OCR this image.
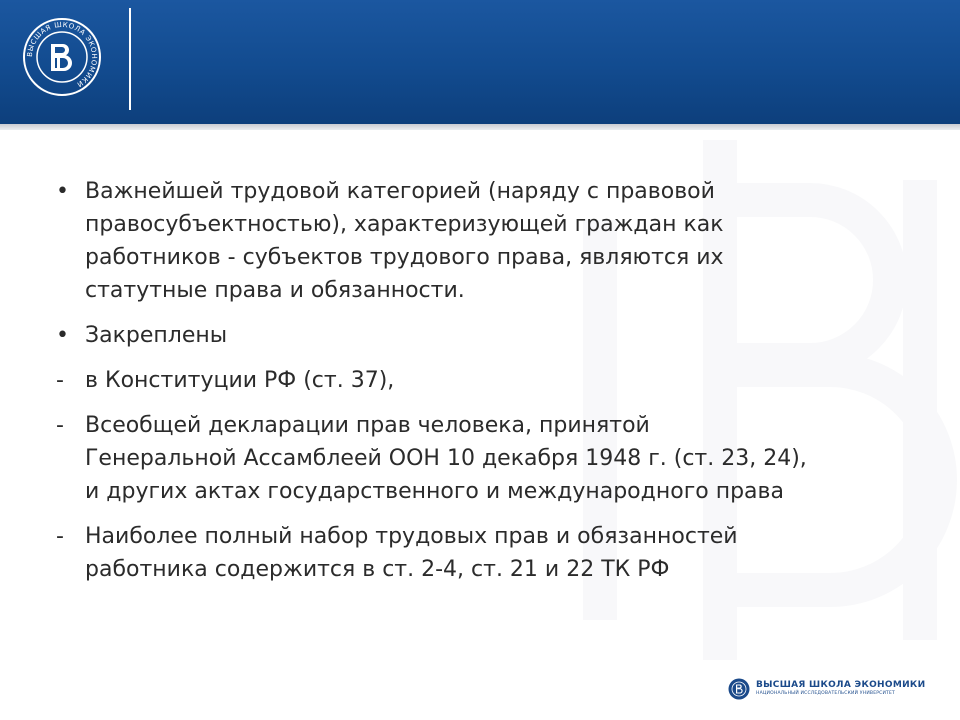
ВЫСШАЯ ШКОЛА ЭКОНОМИКИ
• Важнейшей трудовой категорией (наряду с правовой
правосубъектностью), характеризующей граждан как
работников - субъектов трудового права, являются их
статутные права и обязанности.
• Закреплены
- в Конституции РФ (ст. 37),
- Всеобщей декларации прав человека, принятой
Генеральной Ассамблеей ООН 10 декабря 1948 г. (ст. 23, 24),
и других актах государственного и международного права
- Наиболее полный набор трудовых прав и обязанностей
работника содержится в ст. 2-4, ст. 21 и 22 ТК РФ
ВЫСШАЯ ШКОЛА ЭКОНОМИКИ
НАЦИОНАЛЬНЫЙ ИССЛЕДОВАТЕЛЬСКИЙ УНИВЕРСИТЕТ
